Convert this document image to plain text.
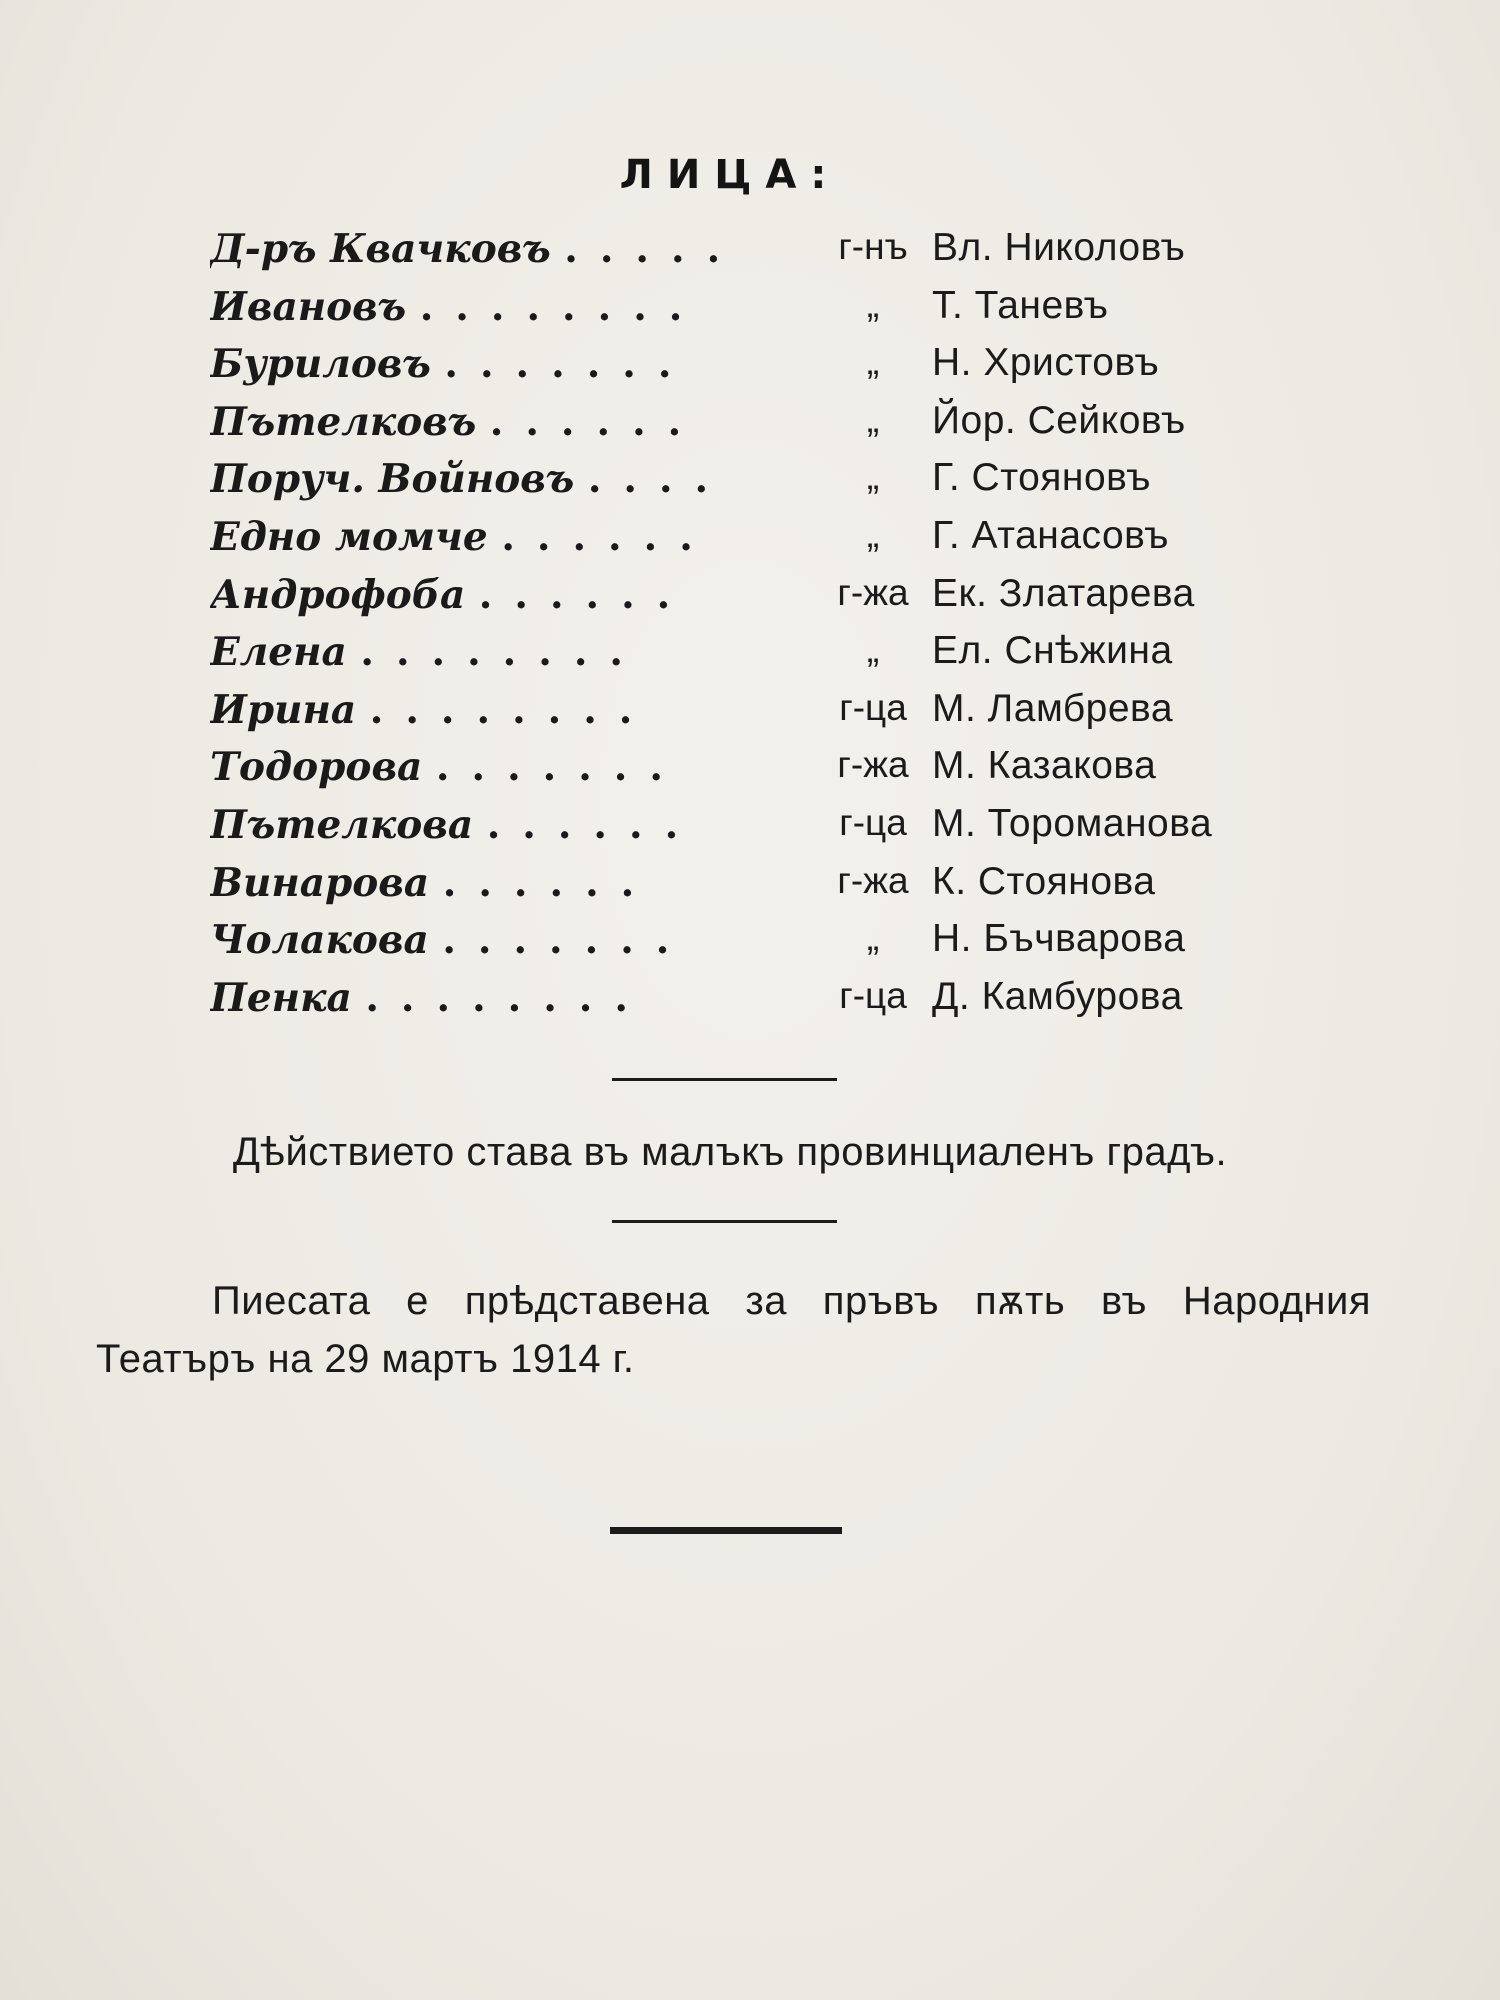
ЛИЦА:
Д-ръ Квачковъ .....	г-нъ Вл. Николовъ
Ивановъ ........	„	Т. Таневъ
Буриловъ .......	„	Н. Христовъ
Пътелковъ ......	„	Йор. Сейковъ
Поруч. Войновъ ....	„	Г. Стояновъ
Едно момче ......	„	Г. Атанасовъ
Андрофоба ......	г-жа Ек. Златарева
Елена ........	„	Ел. Снѣжина
Ирина ........	г-ца М. Ламбрева
Тодорова .......	г-жа М. Казакова
Пътелкова ......	г-ца М. Тороманова
Винарова ......	г-жа К. Стоянова
Чолакова .......	„	Н. Бъчварова
Пенка ........	г-ца Д. Камбурова
Дѣйствието става въ малъкъ провинциаленъ градъ.
Пиесата е прѣдставена за пръвъ пѫть въ Народния Театъръ на 29 мартъ 1914 г.
